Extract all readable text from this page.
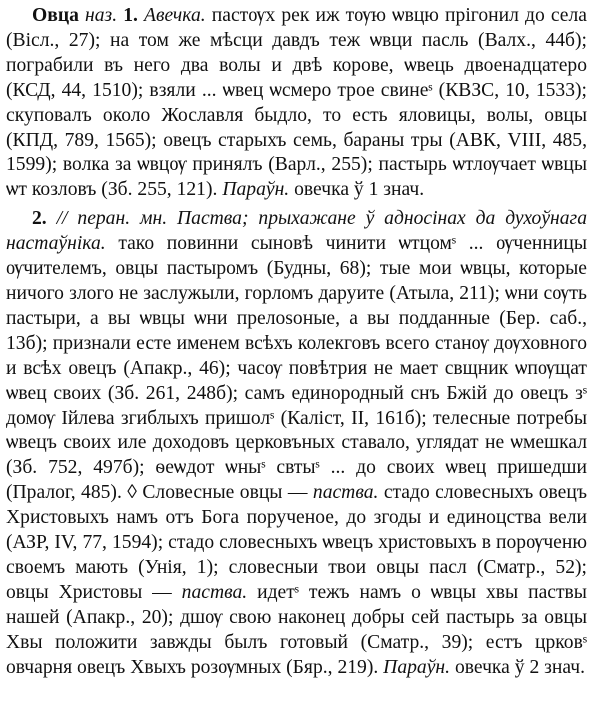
Овца наз. 1. Авечка. пастѹх рек иж тѹю ѡвцю прігонил до села (Вісл., 27); на том же мѣсци давдъ теж ѡвци пасль (Валх., 44б); пограбили въ него два волы и двѣ корове, ѡвець двоенадцатеро (КСД, 44, 1510); взяли ... ѡвец ѡсмеро трое свинеˢ (КВЗС, 10, 1533); скуповалъ около Жославля быдло, то есть яловицы, волы, овцы (КПД, 789, 1565); овецъ старыхъ семь, бараны тры (АВК, VIII, 485, 1599); волка за ѡвцѹ принялъ (Варл., 255); пастырь ѡтлѹчает ѡвцы ѡт козловъ (Зб. 255, 121). Параўн. овечка ў 1 знач.

2. // перан. мн. Паства; прыхажане ў адносінах да духоўнага настаўніка. тако повинни сыновѣ чинити ѡтцомˢ ... ѹченницы ѹчителемъ, овцы пастыромъ (Будны, 68); тые мои ѡвцы, которые ничого злого не заслужыли, горломъ даруите (Атыла, 211); ѡни сѹть пастыри, а вы ѡвцы ѡни прелоsоные, а вы подданные (Бер. саб., 13б); признали есте именем всѣхъ колекговъ всего станѹ дѹховного и всѣх овецъ (Апакр., 46); часѹ повѣтрия не мает свщник ѡпѹщат ѡвец своих (Зб. 261, 248б); самъ единородный снъ Бжій до овецъ зˢ домѹ Ійлева згиблыхъ пришолˢ (Каліст, II, 161б); телесные потребы ѡвецъ своих иле доходовъ церковъных ставало, углядат не ѡмешкал (Зб. 752, 497б); ѳеѡдот ѡныˢ свтыˢ ... до своих ѡвец пришедши (Пралог, 485). ◊ Словесные овцы — паства. стадо словесныхъ овецъ Христовыхъ намъ отъ Бога порученое, до згоды и единоцства вели (АЗР, IV, 77, 1594); стадо словесныхъ ѡвецъ христовыхъ в порѹченю своемъ мають (Унія, 1); словесныи твои овцы пасл (Сматр., 52); овцы Христовы — паства. идетˢ тежъ намъ о ѡвцы хвы паствы нашей (Апакр., 20); дшѹ свою наконец добры сей пастырь за овцы Хвы положити завжды былъ готовый (Сматр., 39); естъ црковˢ овчарня овецъ Хвыхъ розѹмных (Бяр., 219). Параўн. овечка ў 2 знач.
